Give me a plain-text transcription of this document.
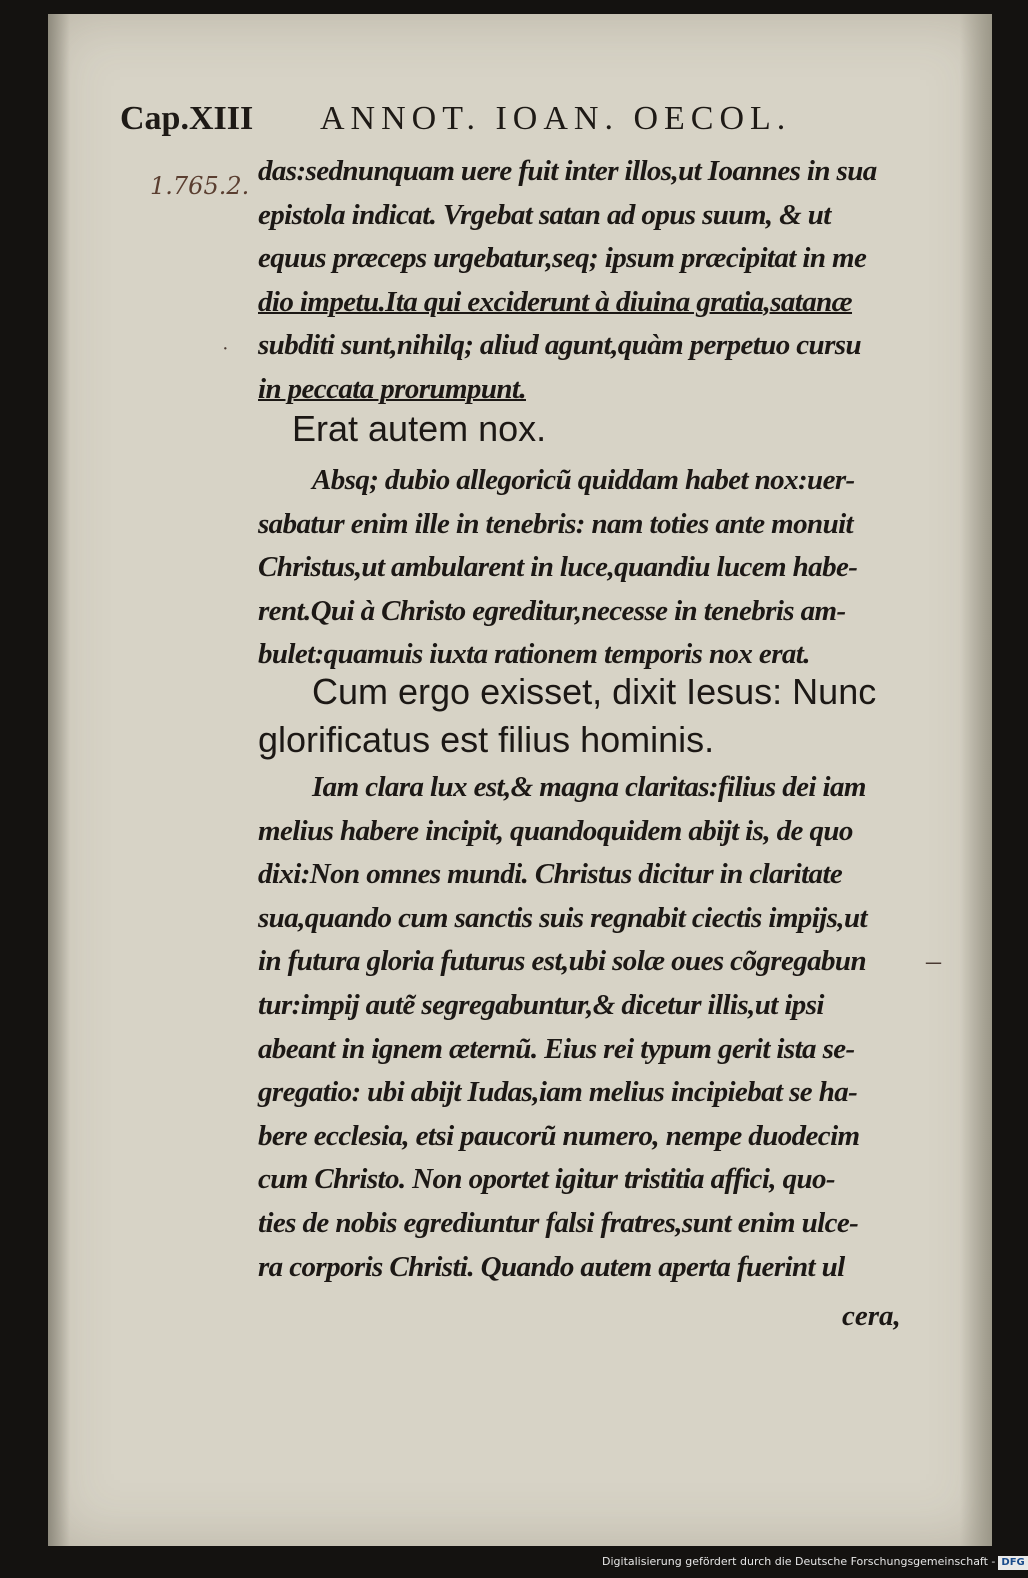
Cap.XIII ANNOT. IOAN. OECOL.
1.765.2. das:sednunquam uere fuit inter illos,ut Ioannes in sua
epistola indicat. Vrgebat satan ad opus suum, & ut
equus præceps urgebatur,seq; ipsum præcipitat in me
dio impetu.Ita qui exciderunt à diuina gratia,satanæ
subditi sunt,nihilq; aliud agunt,quàm perpetuo cursu
in peccata prorumpunt.
Erat autem nox.
Absq; dubio allegoricũ quiddam habet nox:uer-
sabatur enim ille in tenebris: nam toties ante monuit
Christus,ut ambularent in luce,quandiu lucem habe-
rent.Qui à Christo egreditur,necesse in tenebris am-
bulet:quamuis iuxta rationem temporis nox erat.
Cum ergo exisset, dixit Iesus: Nunc
glorificatus est filius hominis.
Iam clara lux est,& magna claritas:filius dei iam
melius habere incipit, quandoquidem abijt is, de quo
dixi:Non omnes mundi. Christus dicitur in claritate
sua,quando cum sanctis suis regnabit ciectis impijs,ut
in futura gloria futurus est,ubi solæ oues cõgregabun
tur:impij autẽ segregabuntur,& dicetur illis,ut ipsi
abeant in ignem æternũ. Eius rei typum gerit ista se-
gregatio: ubi abijt Iudas,iam melius incipiebat se ha-
bere ecclesia, etsi paucorũ numero, nempe duodecim
cum Christo. Non oportet igitur tristitia affici, quo-
ties de nobis egrediuntur falsi fratres,sunt enim ulce-
ra corporis Christi. Quando autem aperta fuerint ul
cera,
–
·
Digitalisierung gefördert durch die Deutsche Forschungsgemeinschaft - DFG
